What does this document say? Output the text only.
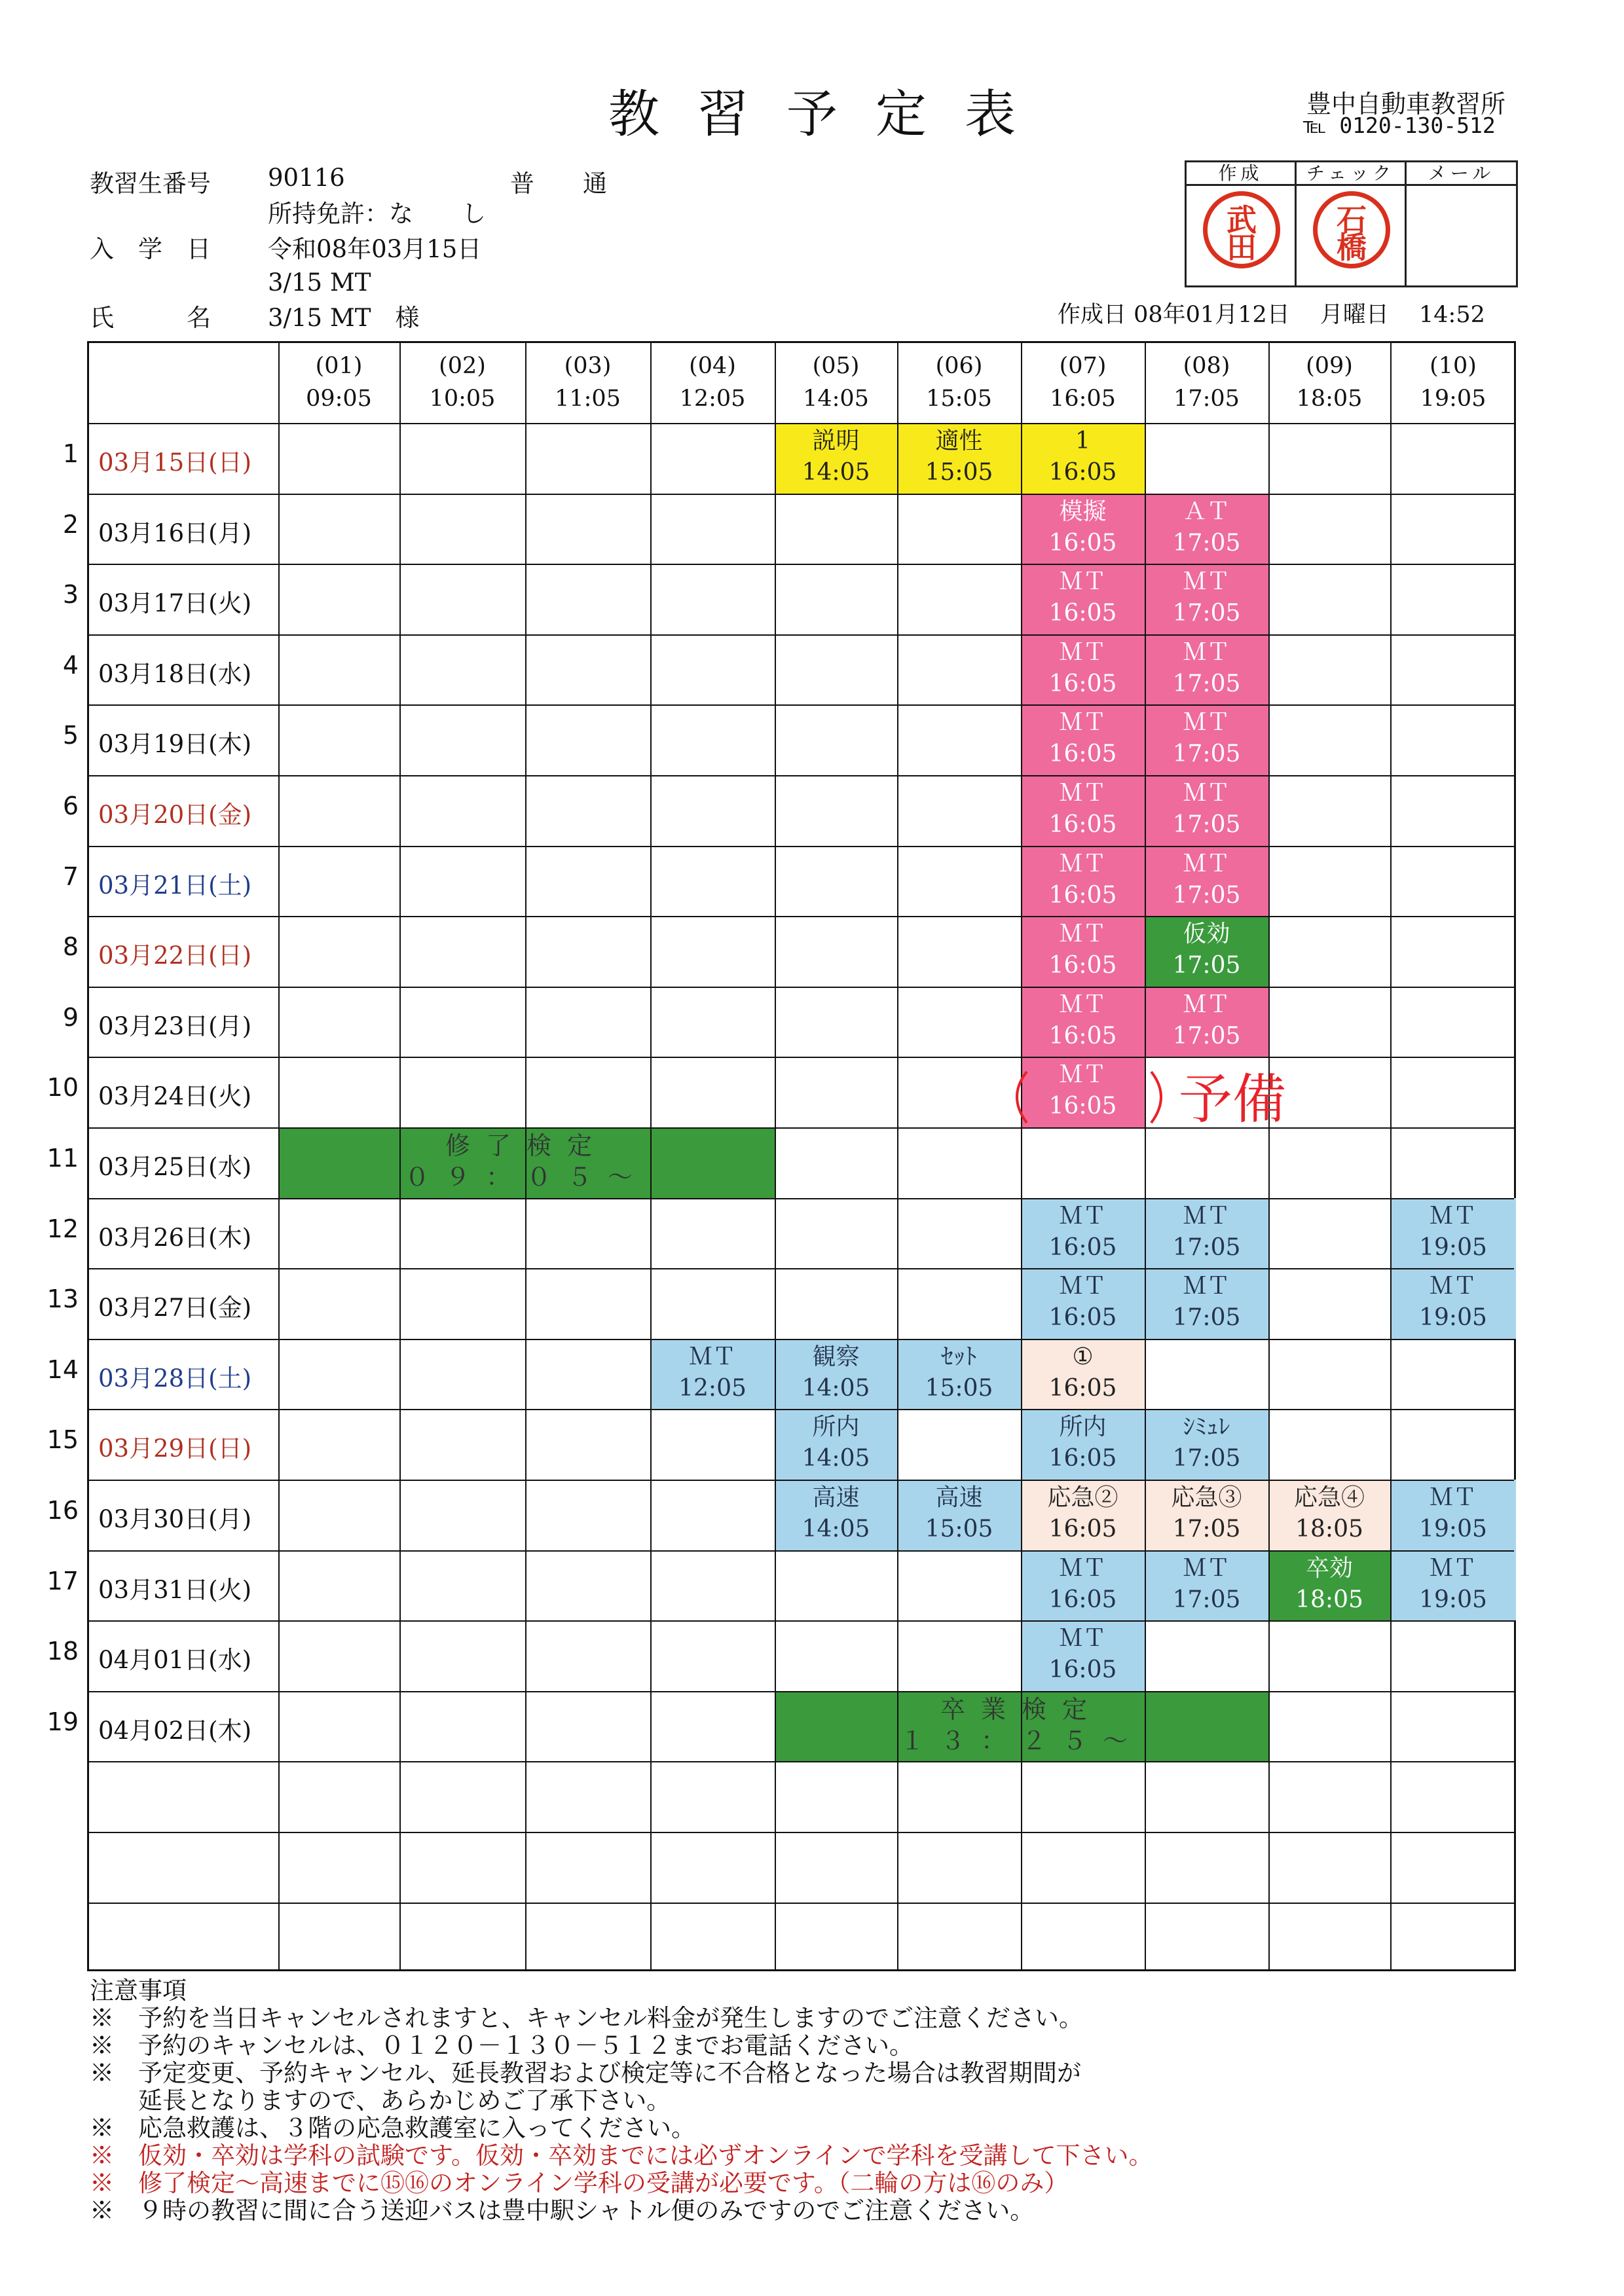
教習予定表	豊中自動車教習所
℡ 0120-130-512

教習生番号

90116

	普　　通

所持免許：な　　し

入　学　日

令和08年03月15日

3/15 MT

氏　　　名

3/15 MT　様

作成
武
田
チェック
石
橋
メール
作成日 08年01月12日　 月曜日　 14:52
(01)
09:05
(02)
10:05
(03)
11:05
(04)
12:05
(05)
14:05
(06)
15:05
(07)
16:05
(08)
17:05
(09)
18:05
(10)
19:05
説明
14:05
適性
15:05
1
16:05
模擬
16:05
ＡＴ
17:05
ＭＴ
16:05
ＭＴ
17:05
ＭＴ
16:05
ＭＴ
17:05
ＭＴ
16:05
ＭＴ
17:05
ＭＴ
16:05
ＭＴ
17:05
ＭＴ
16:05
ＭＴ
17:05
ＭＴ
16:05
仮効
17:05
ＭＴ
16:05
ＭＴ
17:05
ＭＴ
16:05
ＭＴ
16:05
ＭＴ
17:05
ＭＴ
19:05
ＭＴ
16:05
ＭＴ
17:05
ＭＴ
19:05
ＭＴ
12:05
観察
14:05
ｾｯﾄ
15:05
①
16:05
所内
14:05
所内
16:05
ｼﾐｭﾚ
17:05
高速
14:05
高速
15:05
応急②
16:05
応急③
17:05
応急④
18:05
ＭＴ
19:05
ＭＴ
16:05
ＭＴ
17:05
卒効
18:05
ＭＴ
19:05
ＭＴ
16:05
修了検定
０９：０５～
卒業検定
１３：２５～
03月15日(日)
03月16日(月)
03月17日(火)
03月18日(水)
03月19日(木)
03月20日(金)
03月21日(土)
03月22日(日)
03月23日(月)
03月24日(火)
03月25日(水)
03月26日(木)
03月27日(金)
03月28日(土)
03月29日(日)
03月30日(月)
03月31日(火)
04月01日(水)
04月02日(木)
予備
注意事項
※　予約を当日キャンセルされますと、キャンセル料金が発生しますのでご注意ください。
※　予約のキャンセルは、０１２０－１３０－５１２までお電話ください。
※　予定変更、予約キャンセル、延長教習および検定等に不合格となった場合は教習期間が
　　延長となりますので、あらかじめご了承下さい。
※　応急救護は、３階の応急救護室に入ってください。
※　仮効・卒効は学科の試験です。仮効・卒効までには必ずオンラインで学科を受講して下さい。
※　修了検定～高速までに⑮⑯のオンライン学科の受講が必要です。（二輪の方は⑯のみ）
※　９時の教習に間に合う送迎バスは豊中駅シャトル便のみですのでご注意ください。
1
2
3
4
5
6
7
8
9
10
11
12
13
14
15
16
17
18
19
